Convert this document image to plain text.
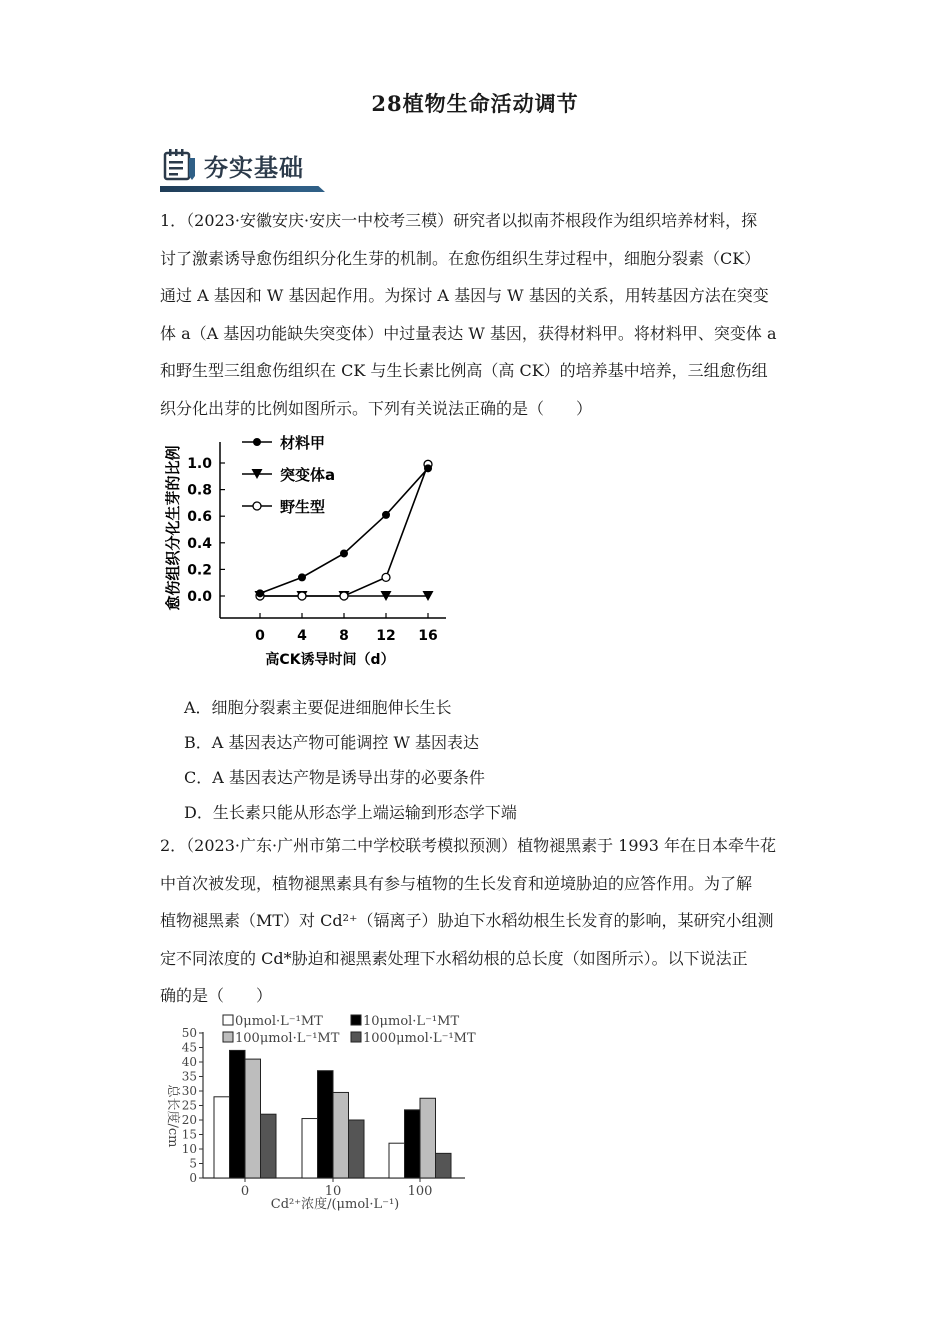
28植物生命活动调节
夯实基础
1．（2023·安徽安庆·安庆一中校考三模）研究者以拟南芥根段作为组织培养材料，探
讨了激素诱导愈伤组织分化生芽的机制。在愈伤组织生芽过程中，细胞分裂素（CK）
通过 A 基因和 W 基因起作用。为探讨 A 基因与 W 基因的关系，用转基因方法在突变
体 a（A 基因功能缺失突变体）中过量表达 W 基因，获得材料甲。将材料甲、突变体 a
和野生型三组愈伤组织在 CK 与生长素比例高（高 CK）的培养基中培养，三组愈伤组
织分化出芽的比例如图所示。下列有关说法正确的是（　　）
愈伤组织分化生芽的比例 0.0
0.2
0.4
0.6
0.8
1.0
0 4 8 12 16
材料甲
突变体a
野生型
高CK诱导时间（d）
A．细胞分裂素主要促进细胞伸长生长
B．A 基因表达产物可能调控 W 基因表达
C．A 基因表达产物是诱导出芽的必要条件
D．生长素只能从形态学上端运输到形态学下端
2．（2023·广东·广州市第二中学校联考模拟预测）植物褪黑素于 1993 年在日本牵牛花
中首次被发现，植物褪黑素具有参与植物的生长发育和逆境胁迫的应答作用。为了解
植物褪黑素（MT）对 Cd²⁺（镉离子）胁迫下水稻幼根生长发育的影响，某研究小组测
定不同浓度的 Cd*胁迫和褪黑素处理下水稻幼根的总长度（如图所示）。以下说法正
确的是（　　）
总长度/cm
0
5
10
15
20
25
30
35
40
45
50
0	10	100
0μmol·L⁻¹MT	10μmol·L⁻¹MT
100μmol·L⁻¹MT 1000μmol·L⁻¹MT
Cd²⁺浓度/(μmol·L⁻¹)
